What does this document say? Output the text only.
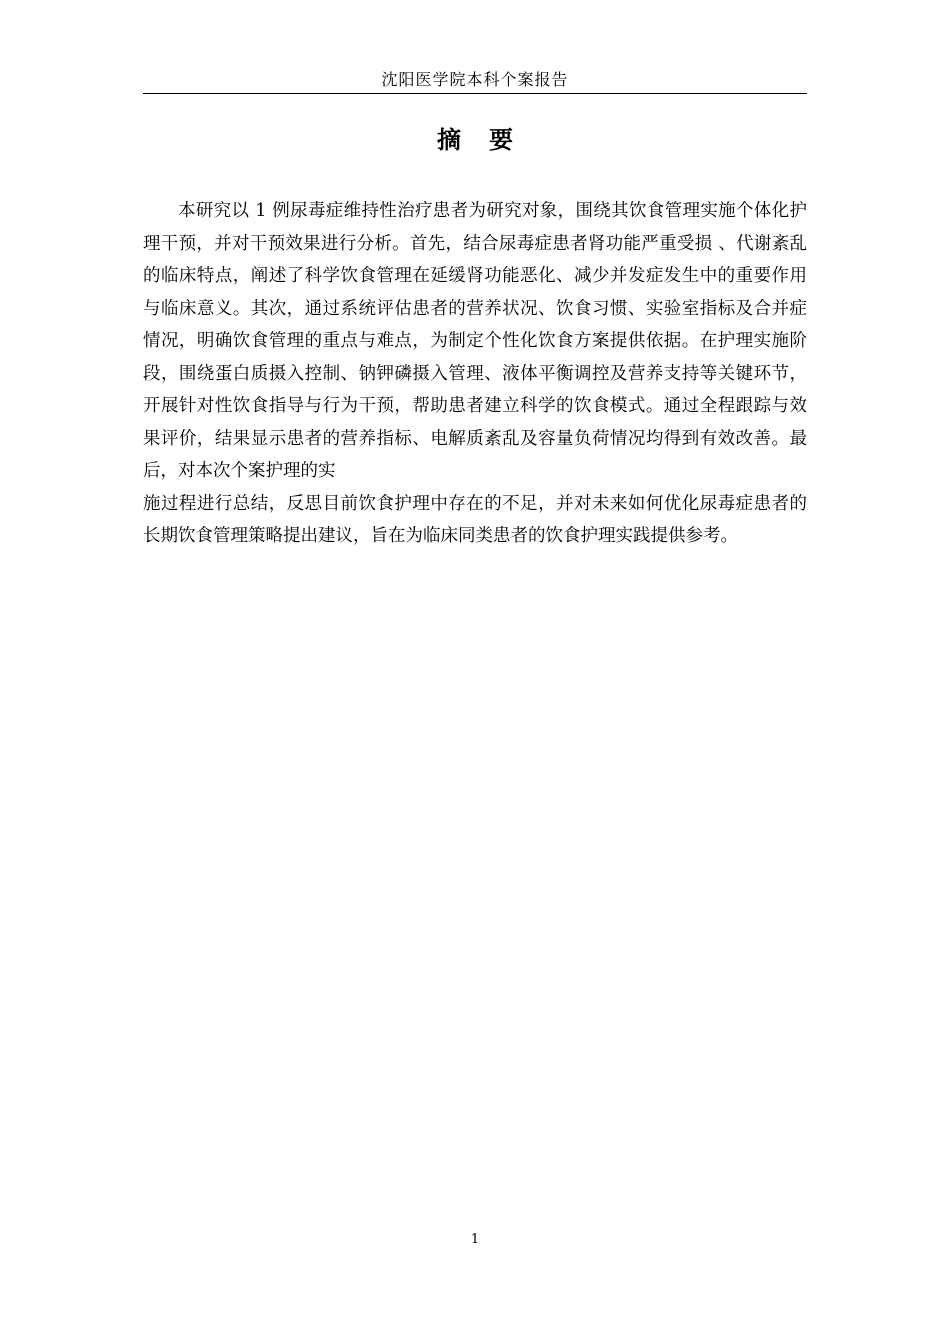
沈阳医学院本科个案报告
摘 要

本研究以 1 例尿毒症维持性治疗患者为研究对象，围绕其饮食管理实施个体化护理干预，并对干预效果进行分析。首先，结合尿毒症患者肾功能严重受损 、代谢紊乱的临床特点，阐述了科学饮食管理在延缓肾功能恶化、减少并发症发生中的重要作用与临床意义。其次，通过系统评估患者的营养状况、饮食习惯、实验室指标及合并症情况，明确饮食管理的重点与难点，为制定个性化饮食方案提供依据。在护理实施阶段，围绕蛋白质摄入控制、钠钾磷摄入管理、液体平衡调控及营养支持等关键环节，开展针对性饮食指导与行为干预，帮助患者建立科学的饮食模式。通过全程跟踪与效果评价，结果显示患者的营养指标、电解质紊乱及容量负荷情况均得到有效改善。最后，对本次个案护理的实

施过程进行总结，反思目前饮食护理中存在的不足，并对未来如何优化尿毒症患者的长期饮食管理策略提出建议，旨在为临床同类患者的饮食护理实践提供参考。

1
